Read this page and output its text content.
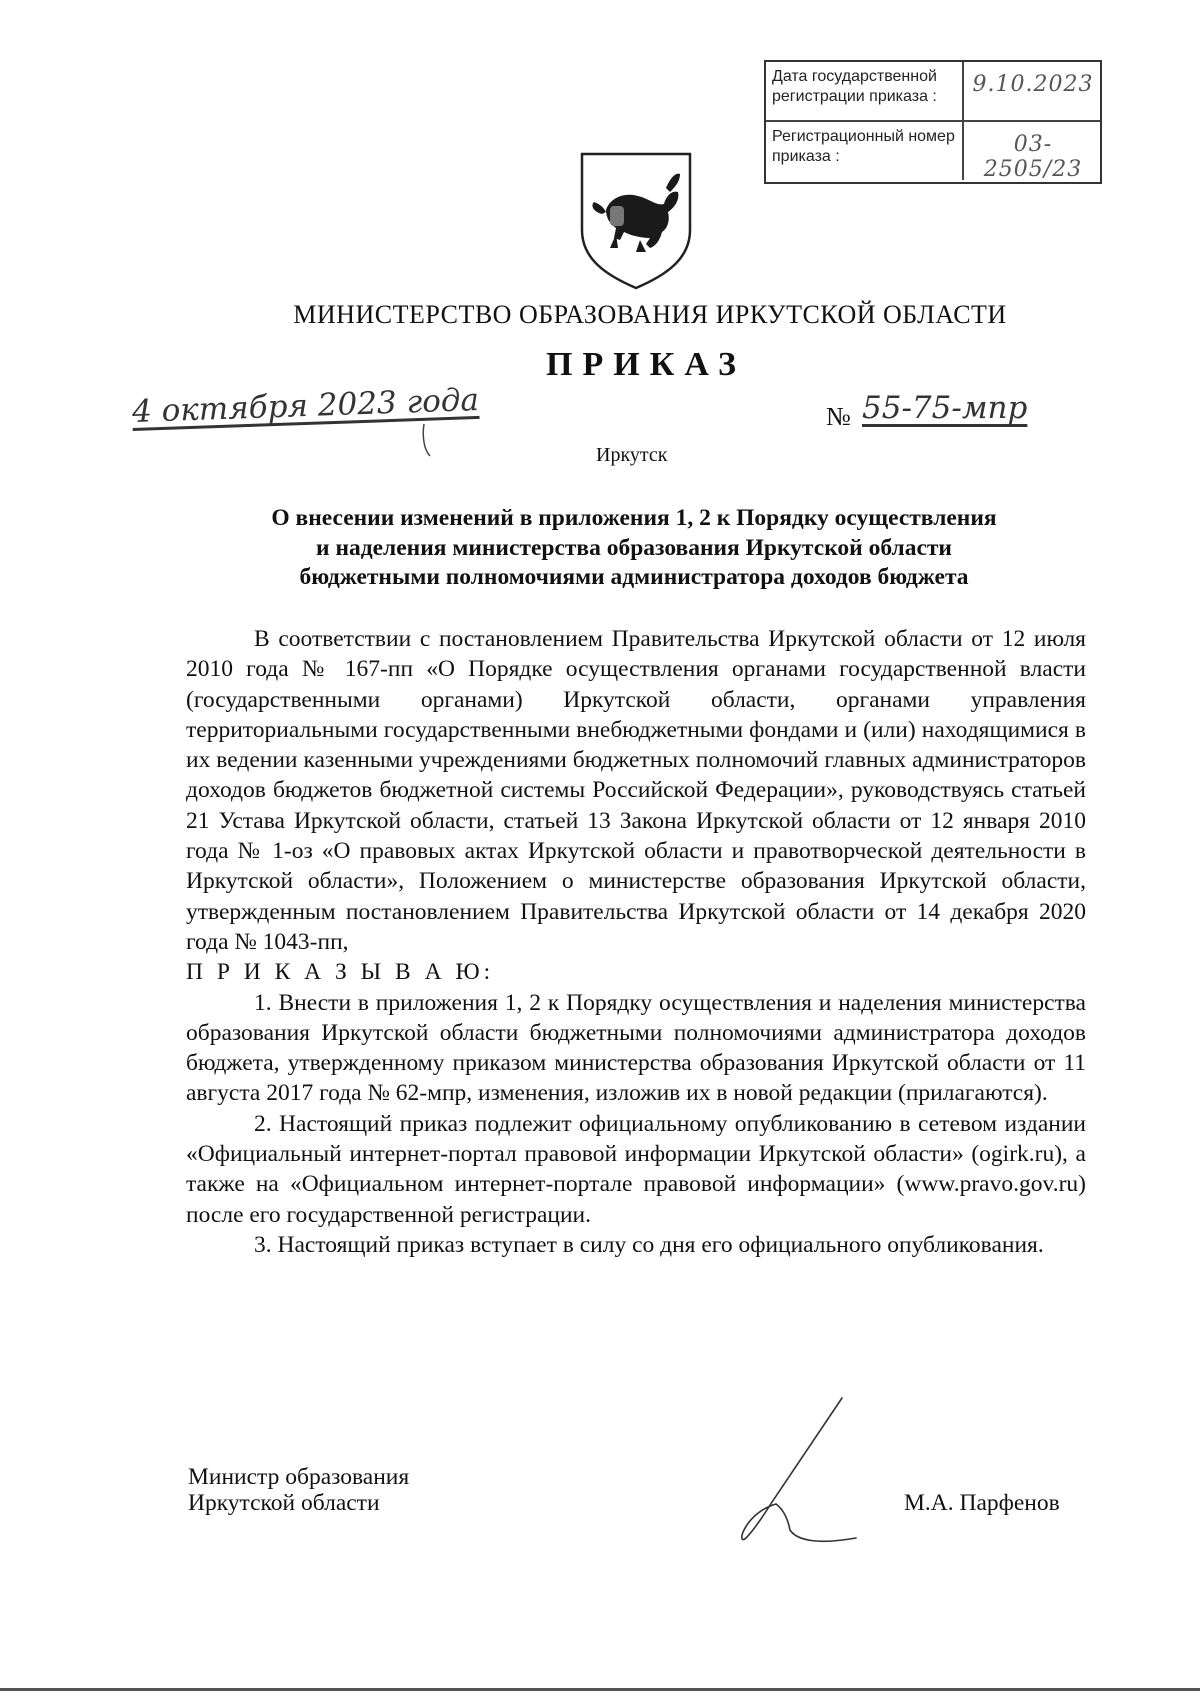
Дата государственной регистрации приказа :	9.10.2023
Регистрационный номер приказа :	03-2505/23
МИНИСТЕРСТВО ОБРАЗОВАНИЯ ИРКУТСКОЙ ОБЛАСТИ
ПРИКАЗ
4 октября 2023 года	№ 55-75-мпр
Иркутск
О внесении изменений в приложения 1, 2 к Порядку осуществления
и наделения министерства образования Иркутской области
бюджетными полномочиями администратора доходов бюджета

В соответствии с постановлением Правительства Иркутской области от 12 июля 2010 года № 167-пп «О Порядке осуществления органами государственной власти (государственными органами) Иркутской области, органами управления территориальными государственными внебюджетными фондами и (или) находящимися в их ведении казенными учреждениями бюджетных полномочий главных администраторов доходов бюджетов бюджетной системы Российской Федерации», руководствуясь статьей 21 Устава Иркутской области, статьей 13 Закона Иркутской области от 12 января 2010 года № 1-оз «О правовых актах Иркутской области и правотворческой деятельности в Иркутской области», Положением о министерстве образования Иркутской области, утвержденным постановлением Правительства Иркутской области от 14 декабря 2020 года № 1043-пп,

П Р И К А З Ы В А Ю:

1. Внести в приложения 1, 2 к Порядку осуществления и наделения министерства образования Иркутской области бюджетными полномочиями администратора доходов бюджета, утвержденному приказом министерства образования Иркутской области от 11 августа 2017 года № 62-мпр, изменения, изложив их в новой редакции (прилагаются).

2. Настоящий приказ подлежит официальному опубликованию в сетевом издании «Официальный интернет-портал правовой информации Иркутской области» (ogirk.ru), а также на «Официальном интернет-портале правовой информации» (www.pravo.gov.ru) после его государственной регистрации.

3. Настоящий приказ вступает в силу со дня его официального опубликования.

Министр образования
Иркутской области	М.А. Парфенов
